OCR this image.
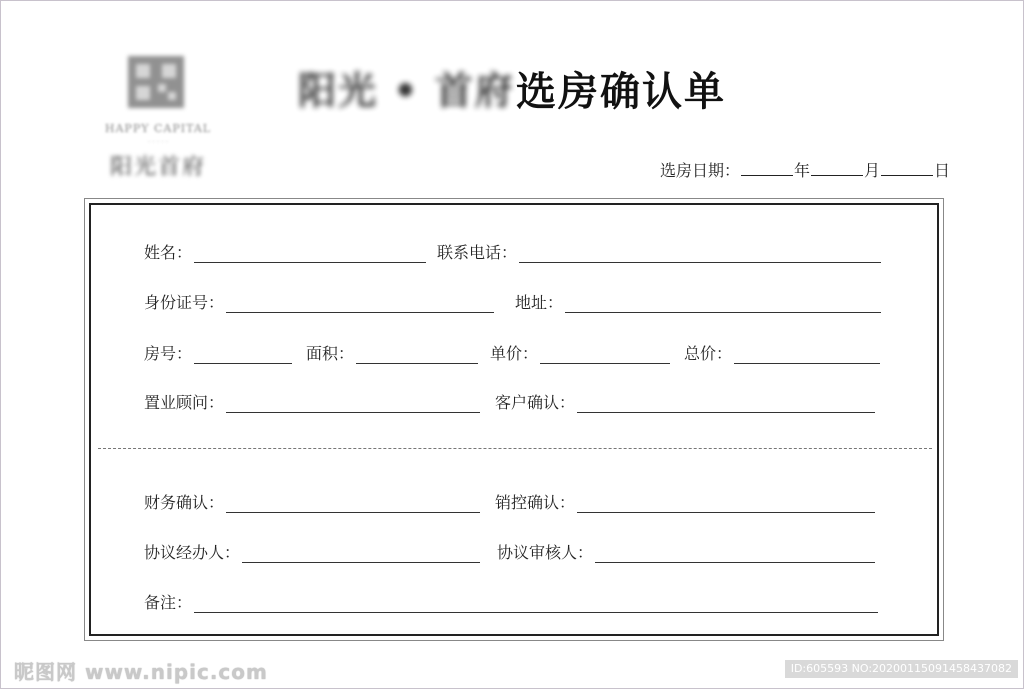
HAPPY CAPITAL
· · · · ·
阳光首府
阳光 • 首府 选房确认单
选房日期：	年	月	日
姓名：	联系电话：
身份证号：	地址：
房号：	面积：	单价：	总价：
置业顾问：	客户确认：
财务确认：	销控确认：
协议经办人：	协议审核人：
备注：
昵图网 www.nipic.com	ID:605593 NO:20200115091458437082
